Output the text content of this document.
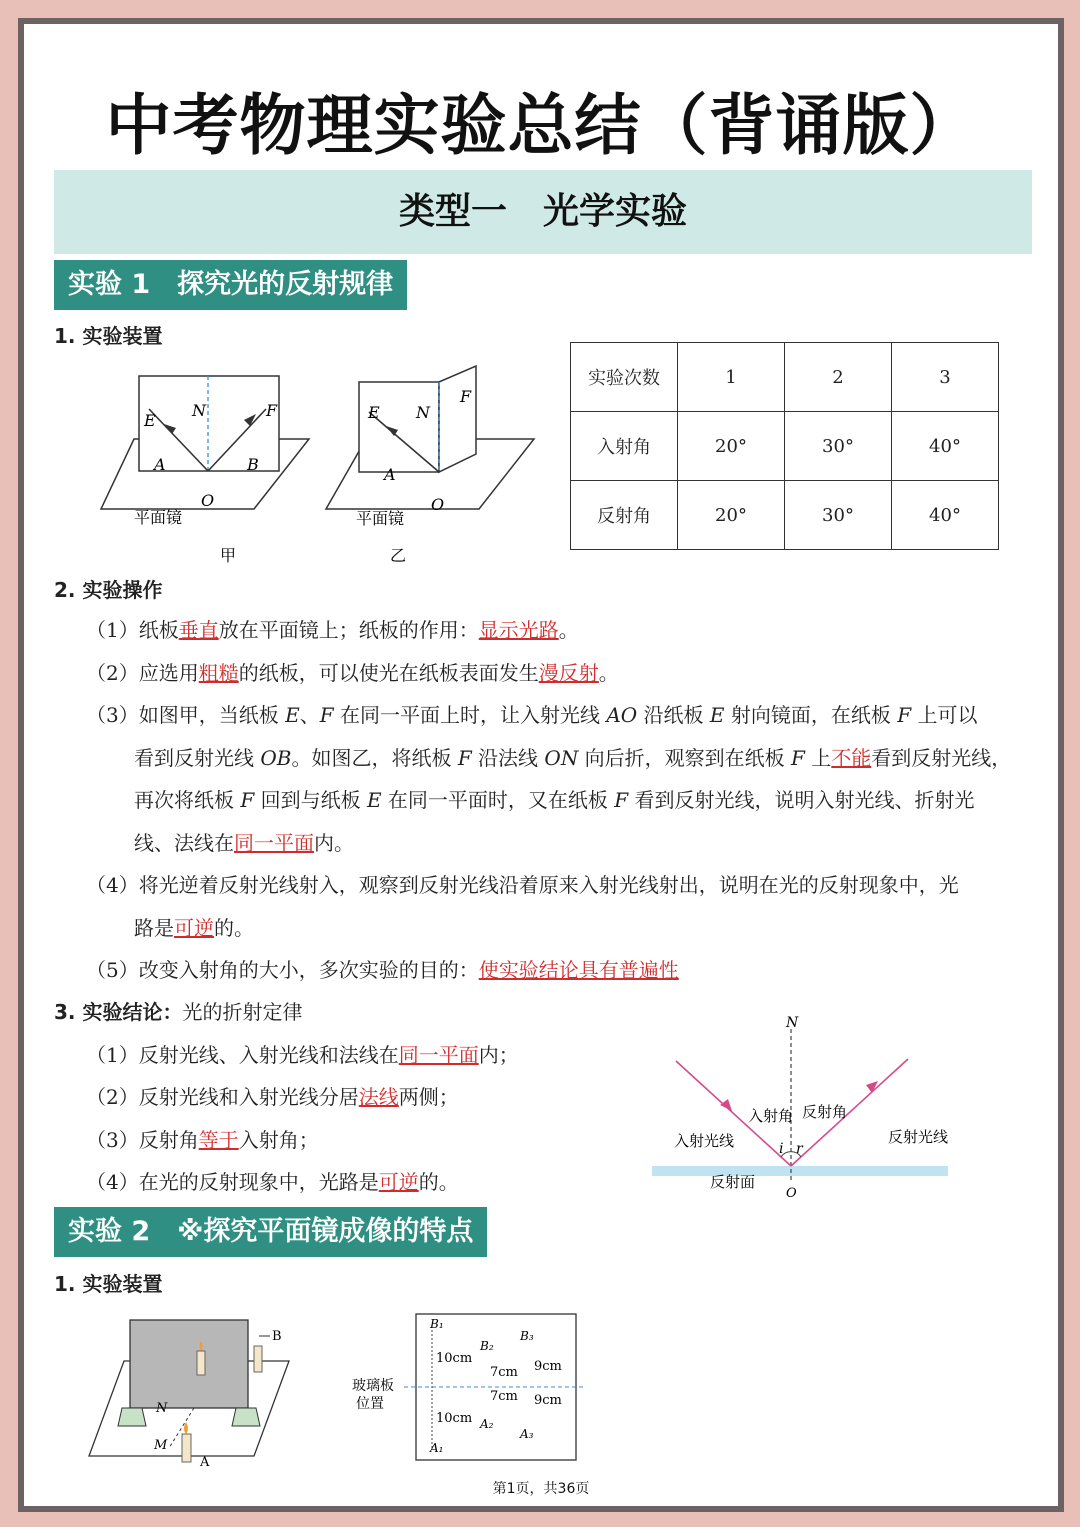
中考物理实验总结（背诵版）
类型一　光学实验
实验 1　探究光的反射规律
1. 实验装置
E
N	F
A	B
O
平面镜
甲
E N
F
A
O
平面镜
乙
实验次数	1	2	3
入射角	20°	30°	40°
反射角	20°	30°	40°
2. 实验操作
（1）纸板垂直放在平面镜上；纸板的作用：显示光路。
（2）应选用粗糙的纸板，可以使光在纸板表面发生漫反射。
（3）如图甲，当纸板 E、F 在同一平面上时，让入射光线 AO 沿纸板 E 射向镜面，在纸板 F 上可以
看到反射光线 OB。如图乙，将纸板 F 沿法线 ON 向后折，观察到在纸板 F 上不能看到反射光线，
再次将纸板 F 回到与纸板 E 在同一平面时，又在纸板 F 看到反射光线，说明入射光线、折射光
线、法线在同一平面内。
（4）将光逆着反射光线射入，观察到反射光线沿着原来入射光线射出，说明在光的反射现象中，光
路是可逆的。
（5）改变入射角的大小，多次实验的目的：使实验结论具有普遍性
3. 实验结论：光的折射定律
（1）反射光线、入射光线和法线在同一平面内；
（2）反射光线和入射光线分居法线两侧；
（3）反射角等于入射角；
（4）在光的反射现象中，光路是可逆的。
N
入射角 反射角
入射光线	反射光线
反射面
i r
O
实验 2　※探究平面镜成像的特点
1. 实验装置
B
N
M
A
玻璃板
位置
B₁
10cm
10cm
A₁
B₂
7cm
7cm
A₂
B₃
9cm
9cm
A₃
第1页，共36页
